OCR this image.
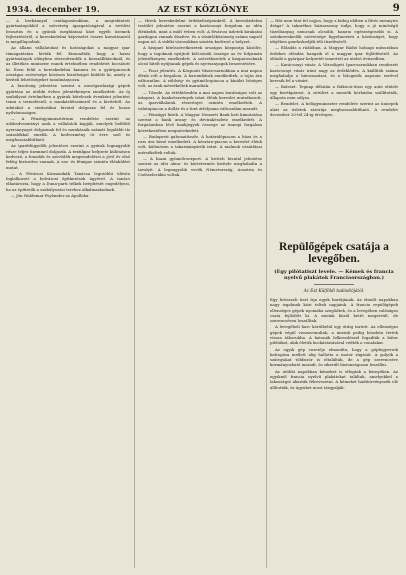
1934. december 19.	AZ EST KÖZLÖNYE	9

— A herkánnyal csatlagozásukban, a megtekintett gyártmányokból a szövetség igazgatóságával a területi beosztás és a gyárak megbízásai közt egyéb üzemek fejlesztéséről, a kereskedelmi képviselet összes kiosztásairól is megállapodtak.

Az állami vállalatokat és hatóságokat a magyar ipar támogatására hívták fel. Kimondták, hogy a hazai gyártmányok előnyben részesítendők a közszállításoknál, és az illetékes miniszter ennek értelmében rendeletet bocsátott ki. Ezen felül a kereskedelmi kamara és a gyáriparosok országos szövetsége közösen bizottságot küldött ki, amely a kiviteli lehetőségeket tanulmányozza.

A bizottság jelentése szerint a mezőgazdasági gépek gyártása az utóbbi évben jelentékenyen emelkedett. Az új szabályzat értelmében a gyárak kötelesek évenként jelentést tenni a termelésről, a munkáslétszámról és a kivitelről. Az adatokat a statisztikai hivatal dolgozza fel és hozza nyilvánosságra.

— A Pénzügyminisztérium rendelete szerint az adókedvezményt azok a vállalatok kapják, amelyek belföldi nyersanyagot dolgoznak fel és munkásaik számát legalább tíz százalékkal emelik. A kedvezmény öt évre szól és meghosszabbítható.

Az iparfelügyelők jelentései szerint a gyárak legnagyobb része teljes üzemmel dolgozik. A textilipar helyzete különösen kedvező, a fonodák és szövődék megrendelései a jövő év első feléig biztosítva vannak. A vas- és fémipar szintén élénkülést mutat.

— A Fővárosi Közmunkák Tanácsa legutóbbi ülésén foglalkozott a belvárosi építkezések ügyével. A tanács elhatározta, hogy a Duna-parti telkek beépítését engedélyezi, ha az építtetők a szabályozási tervhez alkalmazkodnak.

— Jön Waldemar Psylander az Apollóba.

— Hírek kereskedelmi érdekeltségeinkről. A kereskedelmi testület jelentése szerint a karácsonyi forgalom az idén élénkebb, mint a múlt évben volt. A fővárosi üzletek kirakatai gazdagon vannak díszítve, és a vásárlóközönség száma napról napra nő. A vidéki városokban szintén kedvező a helyzet.

A kisipari hitelszövetkezetek országos központja közölte, hogy a tagoknak nyújtott kölcsönök összege az év folyamán jelentékenyen emelkedett. A szövetkezetek a kisiparosoknak olcsó hitelt nyújtanak gépek és nyersanyagok beszerzésére.

— Piaci jelentés. A Központi Vásárcsarnokban a mai napon élénk volt a forgalom. A baromfiárak emelkedtek, a tojás ára változatlan. A zöldség- és gyümölcspiacon a kínálat bőséges volt, az árak mérsékeltek maradtak.

— Tőzsde. Az értéktőzsdén a mai napon barátságos volt az irányzat. A bankrészvények iránt élénk kereslet mutatkozott, az iparvállalatok részvényei szintén emelkedtek. A valutapiacon a dollár és a font árfolyama változatlan maradt.

— Pénzügyi hírek. A Magyar Nemzeti Bank heti kimutatása szerint a bank arany- és devizakészlete emelkedett. A forgalomban lévő bankjegyek összege az ünnepi forgalom következtében megnövekedett.

— Budapesti gabonatőzsde. A határidőpiacon a búza és a rozs ára kissé emelkedett. A készáru-piacon a kereslet élénk volt, különösen a takarmányárúk iránt. A malmok vásárlásai mérsékeltek voltak.

— A hazai gyümölcsexport. A kiviteli hivatal jelentése szerint az idei alma- és körtetermés kivitele meghaladta a tavalyit. A legnagyobb vevők Németország, Ausztria és Csehszlovákia voltak.

— Hát nem tűnt fel vajjon, hogy a hideg időben a fűtés mennyire drága? A takarékos háziasszony tudja, hogy a jó minőségű tüzelőanyag nemcsak olcsóbb, hanem egészségesebb is. A szénkereskedők szövetsége figyelmezteti a közönséget, hogy idejében gondoskodjék téli tüzeléséről.

— Előadás a rádióban. A Magyar Rádió holnapi műsorában érdekes előadás hangzik el a magyar ipar fejlődéséről. Az előadó a gyáripar helyzetét ismerteti az utolsó évtizedben.

— Karácsonyi vásár. A Városligeti Iparcsarnokban rendezett karácsonyi vásár iránt nagy az érdeklődés. A kiállítók száma meghaladja a háromszázat, és a látogatók naponta ezrével keresik fel a vásárt.

— Baleset. Tegnap délután a Rákóczi-úton egy autó elütött egy kerékpárost. A sérültet a mentők kórházba szállították, állapota nem súlyos.

— Rendelet. A belügyminiszter rendelete szerint az ünnepek alatt az üzletek zárórája meghosszabbítható. A rendelet december 20-tól 24-ig érvényes.

Repülőgépek csatája a levegőben.
(Egy pilótatiszt levele. — Kémek és francia nyelvű plakátok Franciaországban.)
Az Est Külföldi tudósítójától.

Egy brüsszeli tiszt írja egyik barátjának: Az elmúlt napokban nagy izgalmak közt teltek napjaink. A francia repülőgépek ellenséges gépek nyomába szegődtek, és a levegőben valóságos csata fejlődött ki. A mieink közül kettő megsérült, de szerencsésen leszálltak.

A levegőbeli harc körülbelül egy óráig tartott. Az ellenséges gépek végül visszavonultak, a mieink pedig büszkén tértek vissza táborukba. A katonák lelkesedéssel fogadták a bátor pilótákat, akik életük kockáztatásával védték a vonalakat.

Az egyik gép vezetője elmondta, hogy a gépfegyverek kattogása mellett alig hallotta a motor zúgását. A golyók a szárnyakat többször is eltalálták, de a gép szerencsére kormányozható maradt, és sikerült biztonságosan leszállni.

Az utóbbi napokban kémeket is elfogtak a környéken. Az egyiknél francia nyelvű plakátokat találtak, amelyekkel a lakosságot akarták félrevezetni. A kémeket haditörvényszék elé állították, és ügyüket most tárgyalják.
